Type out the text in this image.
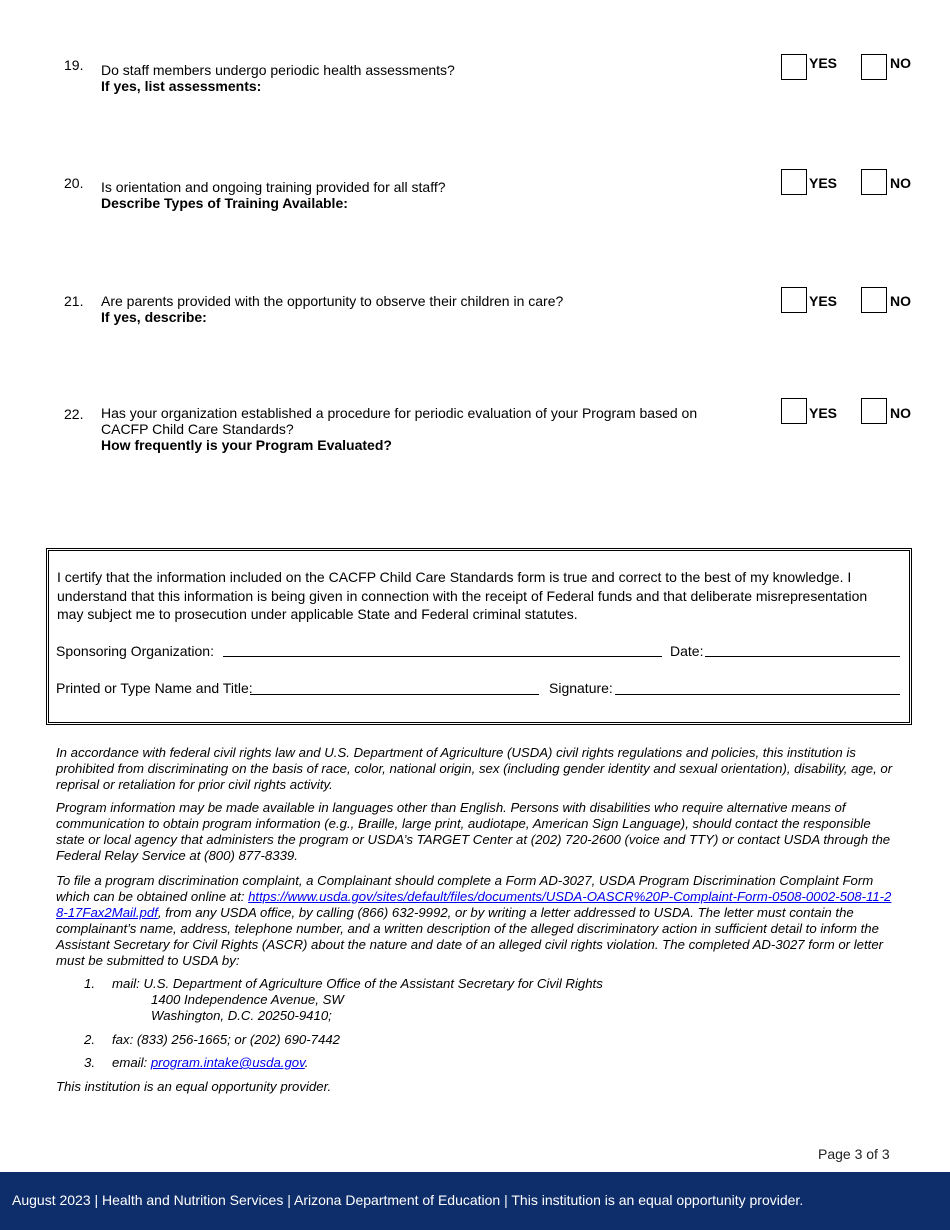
19. Do staff members undergo periodic health assessments?
If yes, list assessments:
YES	NO
20. Is orientation and ongoing training provided for all staff?
Describe Types of Training Available:
YES	NO
21. Are parents provided with the opportunity to observe their children in care?
If yes, describe:
YES	NO
22. Has your organization established a procedure for periodic evaluation of your Program based on CACFP Child Care Standards?
How frequently is your Program Evaluated?
YES	NO
I certify that the information included on the CACFP Child Care Standards form is true and correct to the best of my knowledge. I understand that this information is being given in connection with the receipt of Federal funds and that deliberate misrepresentation may subject me to prosecution under applicable State and Federal criminal statutes.
Sponsoring Organization:	Date:
Printed or Type Name and Title:	Signature:
In accordance with federal civil rights law and U.S. Department of Agriculture (USDA) civil rights regulations and policies, this institution is prohibited from discriminating on the basis of race, color, national origin, sex (including gender identity and sexual orientation), disability, age, or reprisal or retaliation for prior civil rights activity.
Program information may be made available in languages other than English. Persons with disabilities who require alternative means of communication to obtain program information (e.g., Braille, large print, audiotape, American Sign Language), should contact the responsible state or local agency that administers the program or USDA’s TARGET Center at (202) 720-2600 (voice and TTY) or contact USDA through the Federal Relay Service at (800) 877-8339.
To file a program discrimination complaint, a Complainant should complete a Form AD-3027, USDA Program Discrimination Complaint Form which can be obtained online at: https://www.usda.gov/sites/default/files/documents/USDA-OASCR%20P-Complaint-Form-0508-0002-508-11-28-17Fax2Mail.pdf, from any USDA office, by calling (866) 632-9992, or by writing a letter addressed to USDA. The letter must contain the complainant’s name, address, telephone number, and a written description of the alleged discriminatory action in sufficient detail to inform the Assistant Secretary for Civil Rights (ASCR) about the nature and date of an alleged civil rights violation. The completed AD-3027 form or letter must be submitted to USDA by:
1. mail: U.S. Department of Agriculture Office of the Assistant Secretary for Civil Rights
1400 Independence Avenue, SW
Washington, D.C. 20250-9410;
2. fax: (833) 256-1665; or (202) 690-7442
3. email: program.intake@usda.gov.
This institution is an equal opportunity provider.
Page 3 of 3
August 2023 | Health and Nutrition Services | Arizona Department of Education | This institution is an equal opportunity provider.
